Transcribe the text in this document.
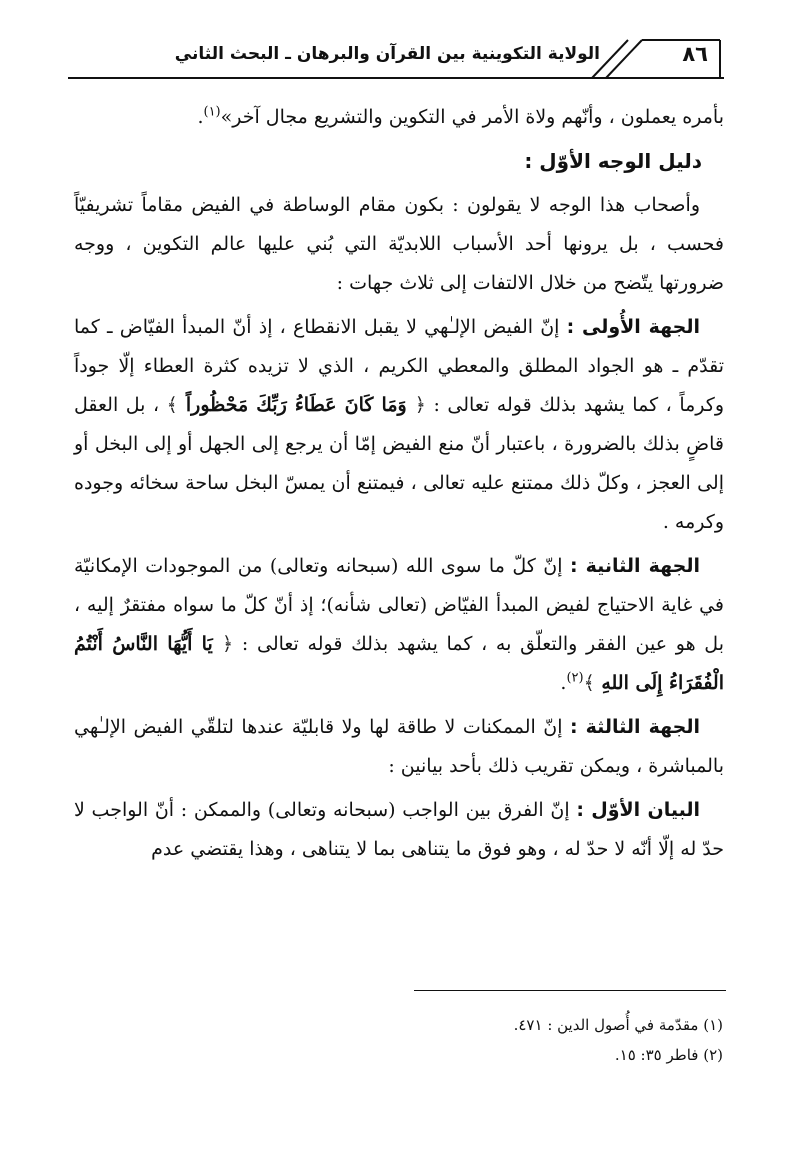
٨٦
الولاية التكوينية بين القرآن والبرهان ـ البحث الثاني

بأمره يعملون ، وأنّهم ولاة الأمر في التكوين والتشريع مجال آخر»$^{(١)}$.

دليل الوجه الأوّل :

وأصحاب هذا الوجه لا يقولون : بكون مقام الوساطة في الفيض مقاماً تشريفيّاً فحسب ، بل يرونها أحد الأسباب اللابديّة التي بُني عليها عالم التكوين ، ووجه ضرورتها يتّضح من خلال الالتفات إلى ثلاث جهات :

الجهة الأُولى : إنّ الفيض الإلـٰهي لا يقبل الانقطاع ، إذ أنّ المبدأ الفيّاض ـ كما تقدّم ـ هو الجواد المطلق والمعطي الكريم ، الذي لا تزيده كثرة العطاء إلّا جوداً وكرماً ، كما يشهد بذلك قوله تعالى : ﴿ وَمَا كَانَ عَطَاءُ رَبِّكَ مَحْظُوراً ﴾ ، بل العقل قاضٍ بذلك بالضرورة ، باعتبار أنّ منع الفيض إمّا أن يرجع إلى الجهل أو إلى البخل أو إلى العجز ، وكلّ ذلك ممتنع عليه تعالى ، فيمتنع أن يمسّ البخل ساحة سخائه وجوده وكرمه .

الجهة الثانية : إنّ كلّ ما سوى الله (سبحانه وتعالى) من الموجودات الإمكانيّة في غاية الاحتياج لفيض المبدأ الفيّاض (تعالى شأنه)؛ إذ أنّ كلّ ما سواه مفتقرٌ إليه ، بل هو عين الفقر والتعلّق به ، كما يشهد بذلك قوله تعالى : ﴿ يَا أَيُّهَا النَّاسُ أَنْتُمُ الْفُقَرَاءُ إِلَى اللهِ ﴾$^{(٢)}$.

الجهة الثالثة : إنّ الممكنات لا طاقة لها ولا قابليّة عندها لتلقّي الفيض الإلـٰهي بالمباشرة ، ويمكن تقريب ذلك بأحد بيانين :

البيان الأوّل : إنّ الفرق بين الواجب (سبحانه وتعالى) والممكن : أنّ الواجب لا حدّ له إلّا أنّه لا حدّ له ، وهو فوق ما يتناهى بما لا يتناهى ، وهذا يقتضي عدم

(١) مقدّمة في أُصول الدين : ٤٧١.
(٢) فاطر ٣٥: ١٥.
